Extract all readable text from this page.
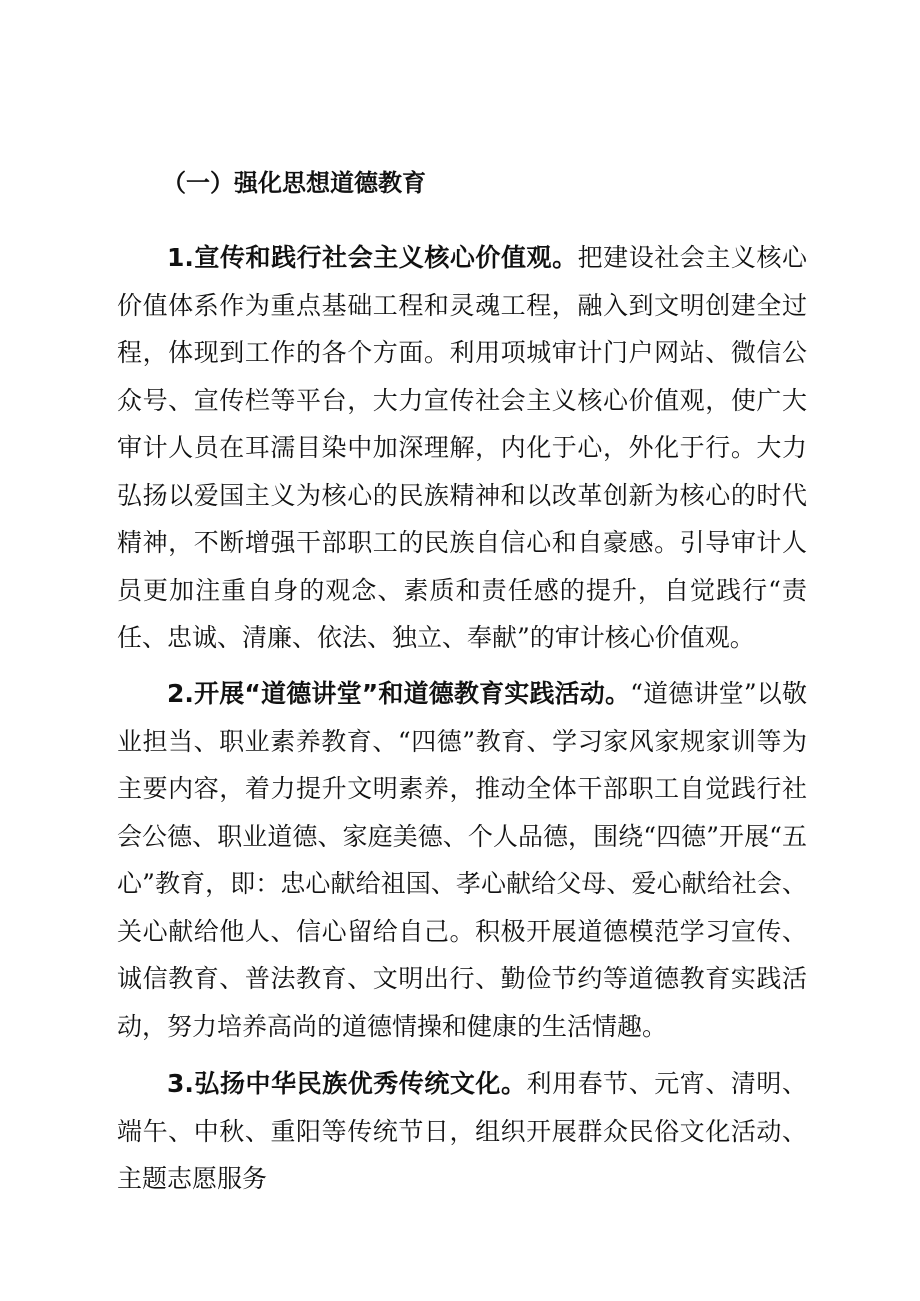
（一）强化思想道德教育

1.宣传和践行社会主义核心价值观。把建设社会主义核心价值体系作为重点基础工程和灵魂工程，融入到文明创建全过程，体现到工作的各个方面。利用项城审计门户网站、微信公众号、宣传栏等平台，大力宣传社会主义核心价值观，使广大审计人员在耳濡目染中加深理解，内化于心，外化于行。大力弘扬以爱国主义为核心的民族精神和以改革创新为核心的时代精神，不断增强干部职工的民族自信心和自豪感。引导审计人员更加注重自身的观念、素质和责任感的提升，自觉践行“责任、忠诚、清廉、依法、独立、奉献”的审计核心价值观。

2.开展“道德讲堂”和道德教育实践活动。“道德讲堂”以敬业担当、职业素养教育、“四德”教育、学习家风家规家训等为主要内容，着力提升文明素养，推动全体干部职工自觉践行社会公德、职业道德、家庭美德、个人品德，围绕“四德”开展“五心”教育，即：忠心献给祖国、孝心献给父母、爱心献给社会、关心献给他人、信心留给自己。积极开展道德模范学习宣传、诚信教育、普法教育、文明出行、勤俭节约等道德教育实践活动，努力培养高尚的道德情操和健康的生活情趣。

3.弘扬中华民族优秀传统文化。利用春节、元宵、清明、端午、中秋、重阳等传统节日，组织开展群众民俗文化活动、主题志愿服务
